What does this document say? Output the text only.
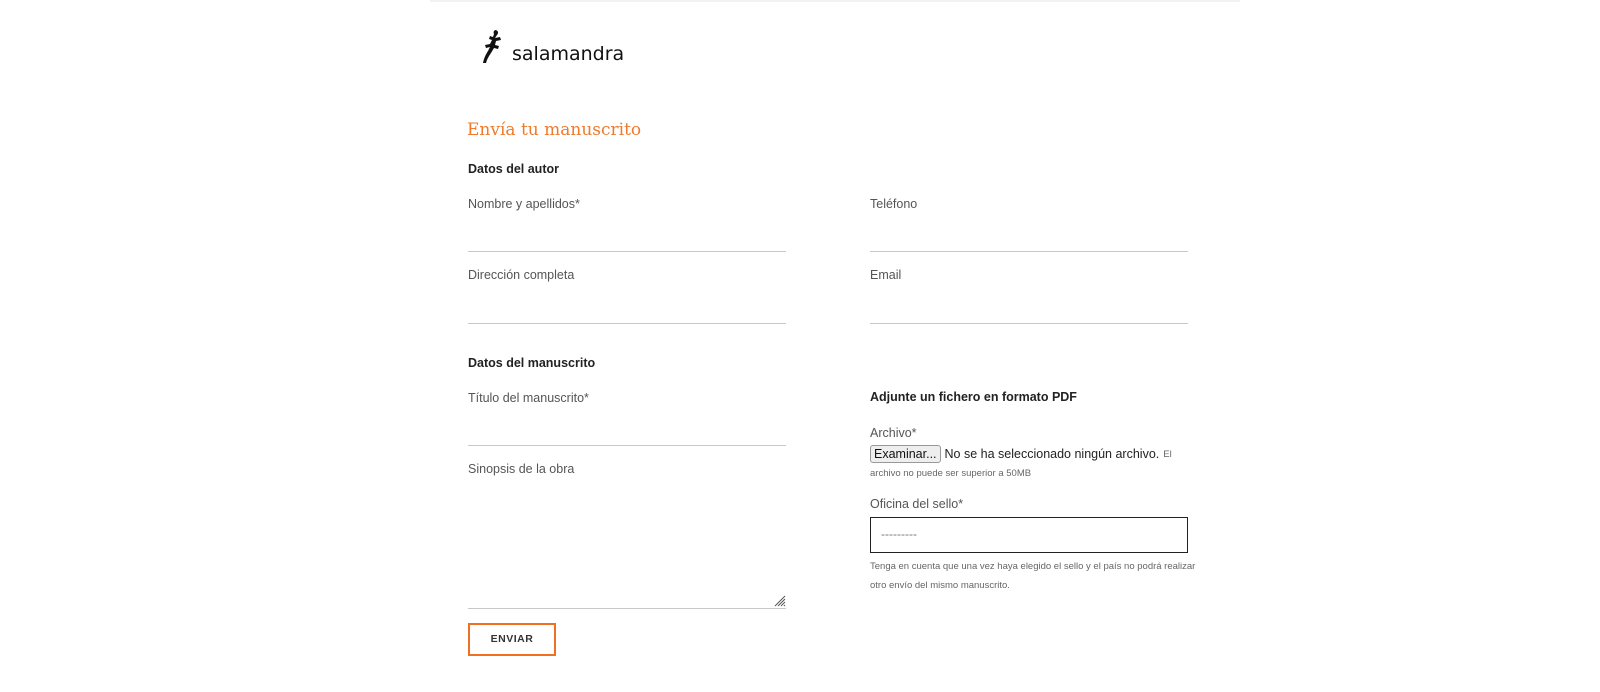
salamandra
Envía tu manuscrito
Datos del autor
Nombre y apellidos*	Teléfono
Dirección completa	Email
Datos del manuscrito
Título del manuscrito*
Sinopsis de la obra
Adjunte un fichero en formato PDF
Archivo*
Examinar... No se ha seleccionado ningún archivo. El
archivo no puede ser superior a 50MB
Oficina del sello*
---------
Tenga en cuenta que una vez haya elegido el sello y el país no podrá realizar otro envío del mismo manuscrito.
ENVIAR
